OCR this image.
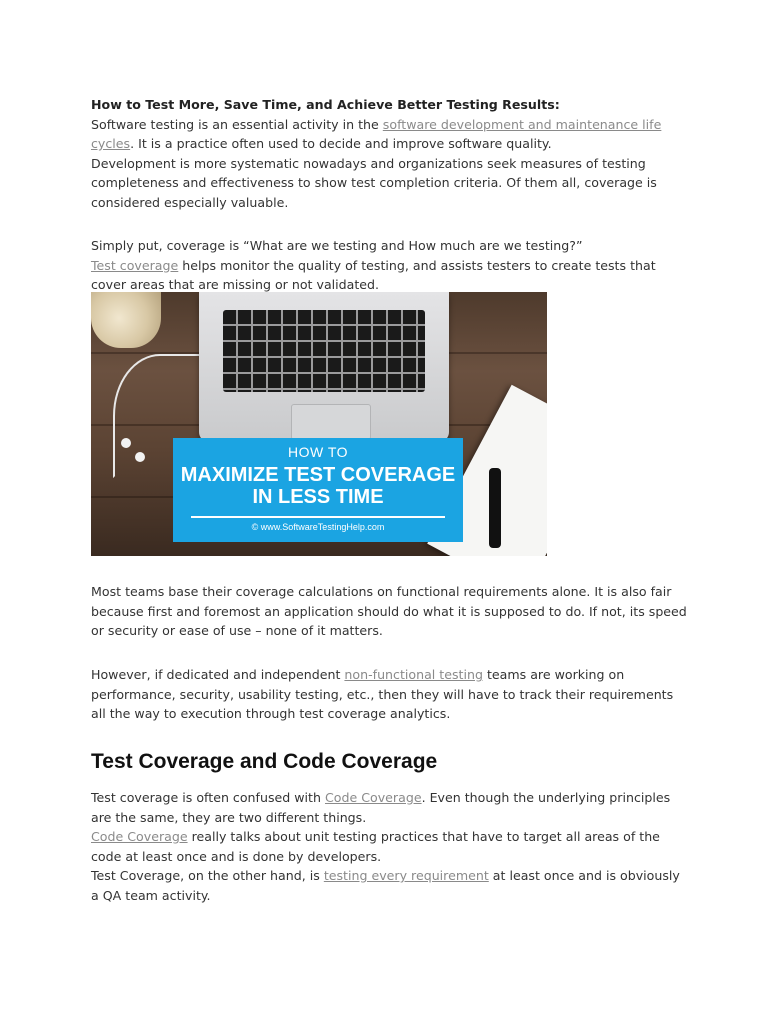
How to Test More, Save Time, and Achieve Better Testing Results:

Software testing is an essential activity in the software development and maintenance life cycles. It is a practice often used to decide and improve software quality.

Development is more systematic nowadays and organizations seek measures of testing completeness and effectiveness to show test completion criteria. Of them all, coverage is considered especially valuable.

Simply put, coverage is “What are we testing and How much are we testing?”

Test coverage helps monitor the quality of testing, and assists testers to create tests that cover areas that are missing or not validated.

HOW TO
MAXIMIZE TEST COVERAGE
IN LESS TIME
© www.SoftwareTestingHelp.com

Most teams base their coverage calculations on functional requirements alone. It is also fair because first and foremost an application should do what it is supposed to do. If not, its speed or security or ease of use – none of it matters.

However, if dedicated and independent non-functional testing teams are working on performance, security, usability testing, etc., then they will have to track their requirements all the way to execution through test coverage analytics.

Test Coverage and Code Coverage

Test coverage is often confused with Code Coverage. Even though the underlying principles are the same, they are two different things.

Code Coverage really talks about unit testing practices that have to target all areas of the code at least once and is done by developers.

Test Coverage, on the other hand, is testing every requirement at least once and is obviously a QA team activity.
